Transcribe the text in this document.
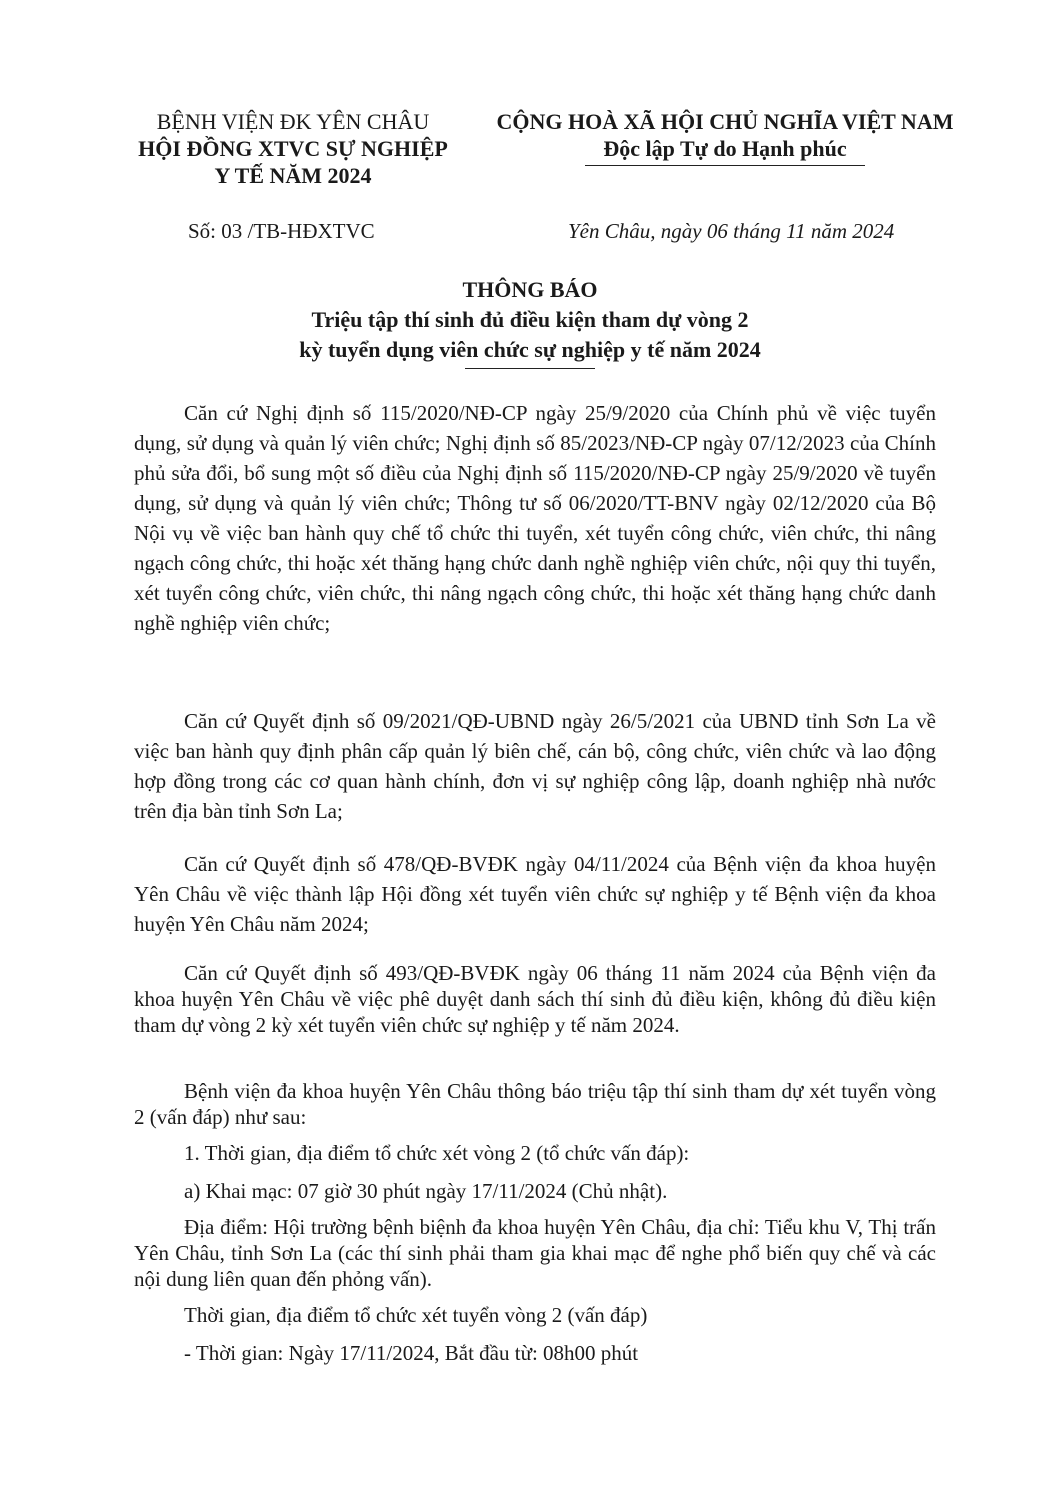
BỆNH VIỆN ĐK YÊN CHÂU
HỘI ĐỒNG XTVC SỰ NGHIỆP
Y TẾ NĂM 2024
CỘNG HOÀ XÃ HỘI CHỦ NGHĨA VIỆT NAM
Độc lập Tự do Hạnh phúc
Số: 03 /TB-HĐXTVC	Yên Châu, ngày 06 tháng 11 năm 2024
THÔNG BÁO
Triệu tập thí sinh đủ điều kiện tham dự vòng 2
kỳ tuyển dụng viên chức sự nghiệp y tế năm 2024

Căn cứ Nghị định số 115/2020/NĐ-CP ngày 25/9/2020 của Chính phủ về việc tuyển dụng, sử dụng và quản lý viên chức; Nghị định số 85/2023/NĐ-CP ngày 07/12/2023 của Chính phủ sửa đổi, bổ sung một số điều của Nghị định số 115/2020/NĐ-CP ngày 25/9/2020 về tuyển dụng, sử dụng và quản lý viên chức; Thông tư số 06/2020/TT-BNV ngày 02/12/2020 của Bộ Nội vụ về việc ban hành quy chế tổ chức thi tuyển, xét tuyển công chức, viên chức, thi nâng ngạch công chức, thi hoặc xét thăng hạng chức danh nghề nghiệp viên chức, nội quy thi tuyển, xét tuyển công chức, viên chức, thi nâng ngạch công chức, thi hoặc xét thăng hạng chức danh nghề nghiệp viên chức;

Căn cứ Quyết định số 09/2021/QĐ-UBND ngày 26/5/2021 của UBND tỉnh Sơn La về việc ban hành quy định phân cấp quản lý biên chế, cán bộ, công chức, viên chức và lao động hợp đồng trong các cơ quan hành chính, đơn vị sự nghiệp công lập, doanh nghiệp nhà nước trên địa bàn tỉnh Sơn La;

Căn cứ Quyết định số 478/QĐ-BVĐK ngày 04/11/2024 của Bệnh viện đa khoa huyện Yên Châu về việc thành lập Hội đồng xét tuyển viên chức sự nghiệp y tế Bệnh viện đa khoa huyện Yên Châu năm 2024;

Căn cứ Quyết định số 493/QĐ-BVĐK ngày 06 tháng 11 năm 2024 của Bệnh viện đa khoa huyện Yên Châu về việc phê duyệt danh sách thí sinh đủ điều kiện, không đủ điều kiện tham dự vòng 2 kỳ xét tuyển viên chức sự nghiệp y tế năm 2024.

Bệnh viện đa khoa huyện Yên Châu thông báo triệu tập thí sinh tham dự xét tuyển vòng 2 (vấn đáp) như sau:

1. Thời gian, địa điểm tổ chức xét vòng 2 (tổ chức vấn đáp):

a) Khai mạc: 07 giờ 30 phút ngày 17/11/2024 (Chủ nhật).

Địa điểm: Hội trường bệnh biệnh đa khoa huyện Yên Châu, địa chỉ: Tiểu khu V, Thị trấn Yên Châu, tỉnh Sơn La (các thí sinh phải tham gia khai mạc để nghe phổ biến quy chế và các nội dung liên quan đến phỏng vấn).

Thời gian, địa điểm tổ chức xét tuyển vòng 2 (vấn đáp)

- Thời gian: Ngày 17/11/2024, Bắt đầu từ: 08h00 phút
